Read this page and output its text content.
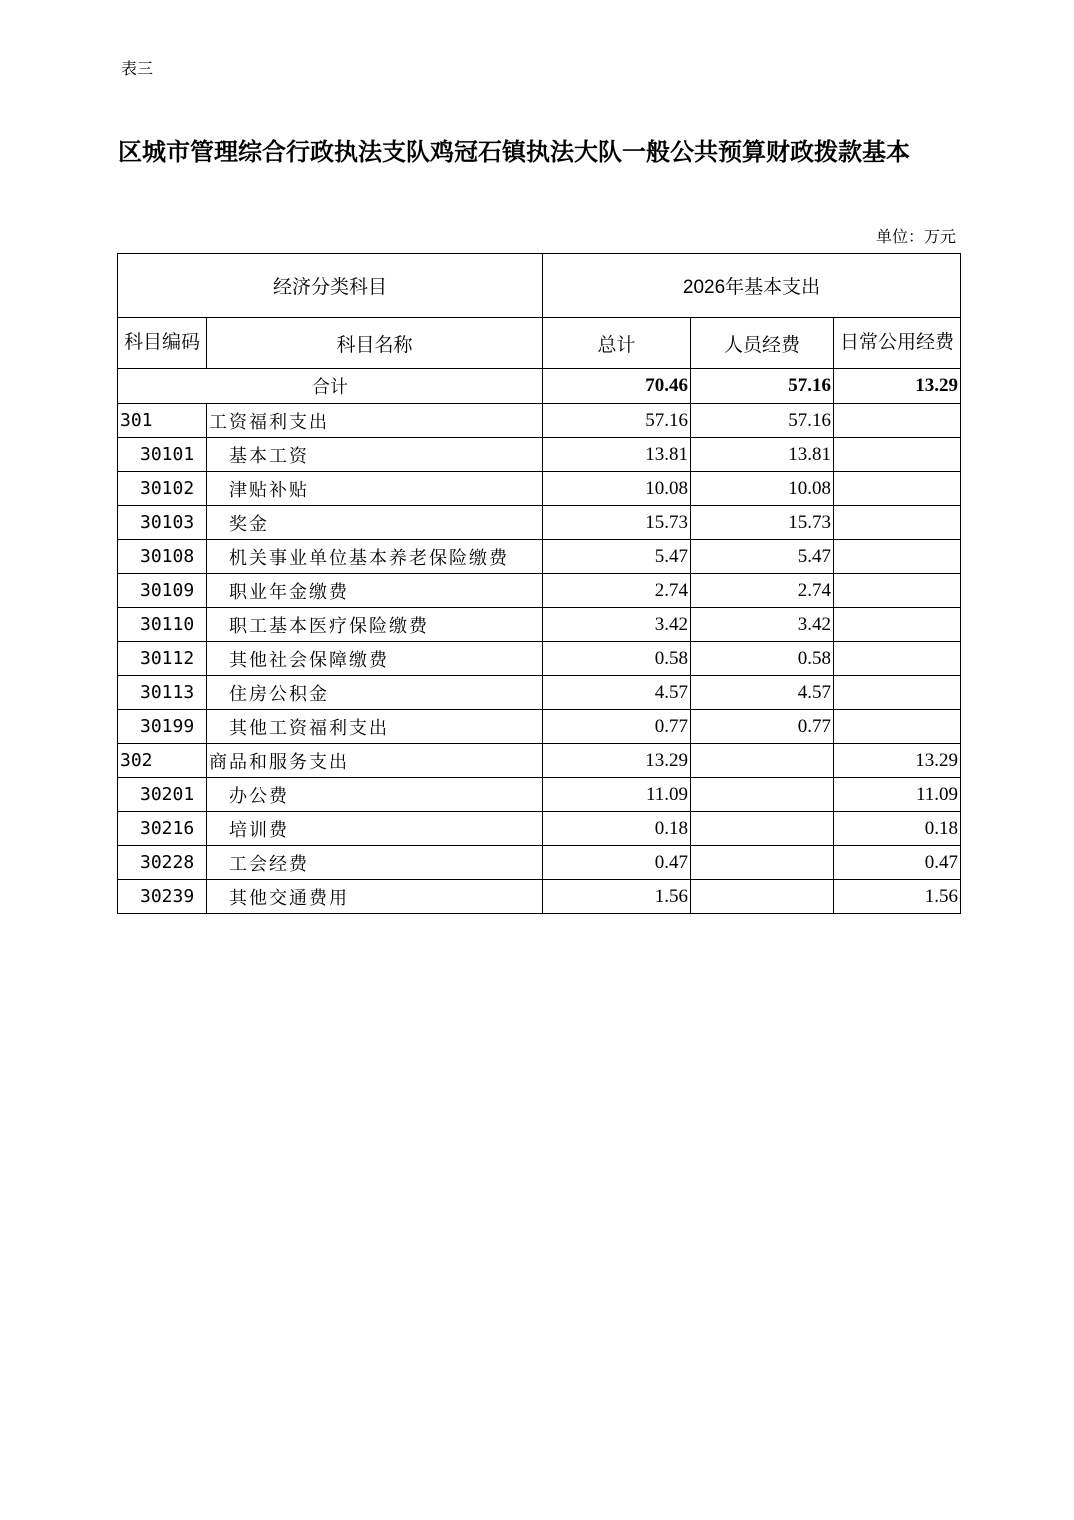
表三
区城市管理综合行政执法支队鸡冠石镇执法大队一般公共预算财政拨款基本
单位：万元
经济分类科目		2026年基本支出		
科目编码	科目名称	总计	人员经费	日常公用经费
合计		70.46	57.16	13.29
301	工资福利支出	57.16	57.16	
30101	基本工资	13.81	13.81	
30102	津贴补贴	10.08	10.08	
30103	奖金	15.73	15.73	
30108	机关事业单位基本养老保险缴费	5.47	5.47	
30109	职业年金缴费	2.74	2.74	
30110	职工基本医疗保险缴费	3.42	3.42	
30112	其他社会保障缴费	0.58	0.58	
30113	住房公积金	4.57	4.57	
30199	其他工资福利支出	0.77	0.77	
302	商品和服务支出	13.29		13.29
30201	办公费	11.09		11.09
30216	培训费	0.18		0.18
30228	工会经费	0.47		0.47
30239	其他交通费用	1.56		1.56
